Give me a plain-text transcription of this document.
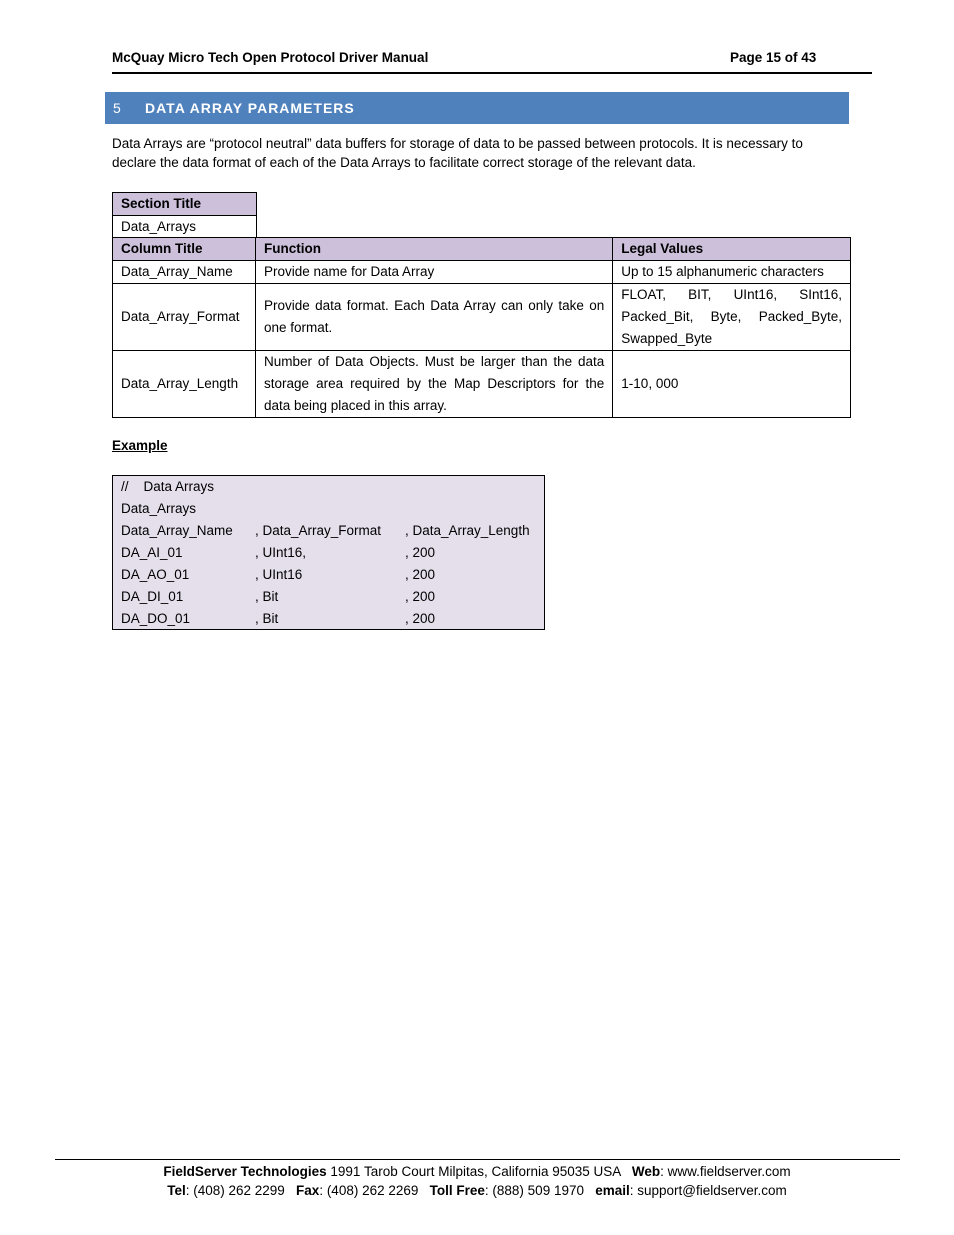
McQuay Micro Tech Open Protocol Driver Manual	Page 15 of 43
5	DATA ARRAY PARAMETERS
Data Arrays are “protocol neutral” data buffers for storage of data to be passed between protocols. It is necessary to declare the data format of each of the Data Arrays to facilitate correct storage of the relevant data.
Section Title
Data_Arrays
Column Title	Function	Legal Values
Data_Array_Name	Provide name for Data Array	Up to 15 alphanumeric characters
Data_Array_Format	Provide data format. Each Data Array can only take on one format.	FLOAT, BIT, UInt16, SInt16, Packed_Bit, Byte, Packed_Byte, Swapped_Byte
Data_Array_Length	Number of Data Objects. Must be larger than the data storage area required by the Map Descriptors for the data being placed in this array.	1-10, 000
Example
//    Data Arrays
Data_Arrays
Data_Array_Name , Data_Array_Format , Data_Array_Length
DA_AI_01	, UInt16,	, 200
DA_AO_01	, UInt16	, 200
DA_DI_01	, Bit	, 200
DA_DO_01	, Bit	, 200
FieldServer Technologies 1991 Tarob Court Milpitas, California 95035 USA   Web: www.fieldserver.com
Tel: (408) 262 2299   Fax: (408) 262 2269   Toll Free: (888) 509 1970   email: support@fieldserver.com
